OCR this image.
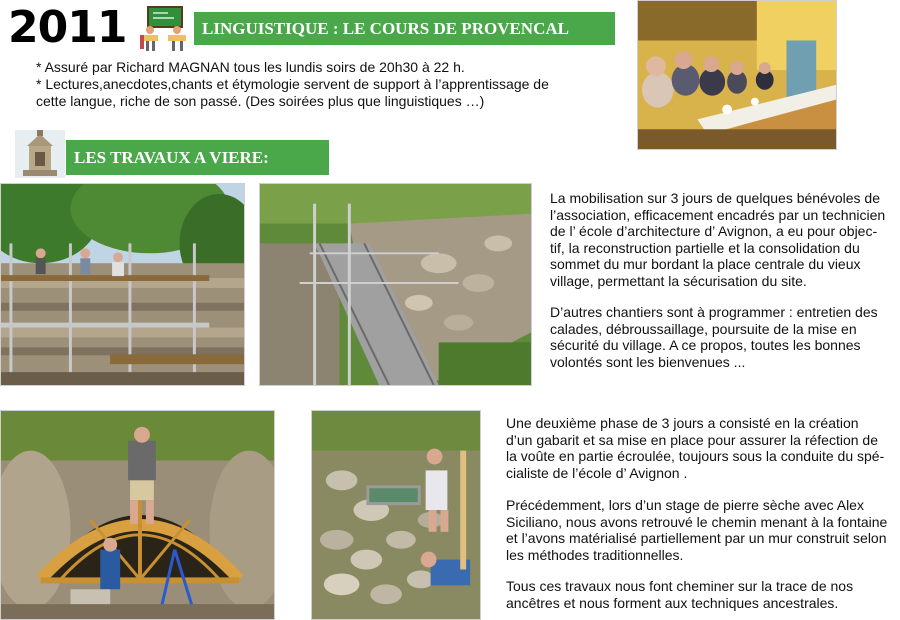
2011	LINGUISTIQUE : LE COURS DE PROVENCAL
* Assuré par Richard MAGNAN tous les lundis soirs de 20h30 à 22 h.
* Lectures,anecdotes,chants et étymologie servent de support à l’apprentissage de
cette langue, riche de son passé. (Des soirées plus que linguistiques …)
LES TRAVAUX A VIERE:
La mobilisation sur 3 jours de quelques bénévoles de
l’association, efficacement encadrés par un technicien
de l’ école d’architecture d’ Avignon, a eu pour objec-
tif, la reconstruction partielle et la consolidation du
sommet du mur bordant la place centrale du vieux
village, permettant la sécurisation du site.
D’autres chantiers sont à programmer : entretien des
calades, débroussaillage, poursuite de la mise en
sécurité du village. A ce propos, toutes les bonnes
volontés sont les bienvenues ...
Une deuxième phase de 3 jours a consisté en la création
d’un gabarit et sa mise en place pour assurer la réfection de
la voûte en partie écroulée, toujours sous la conduite du spé-
cialiste de l’école d’ Avignon .
Précédemment, lors d’un stage de pierre sèche avec Alex
Siciliano, nous avons retrouvé le chemin menant à la fontaine
et l’avons matérialisé partiellement par un mur construit selon
les méthodes traditionnelles.
Tous ces travaux nous font cheminer sur la trace de nos
ancêtres et nous forment aux techniques ancestrales.
